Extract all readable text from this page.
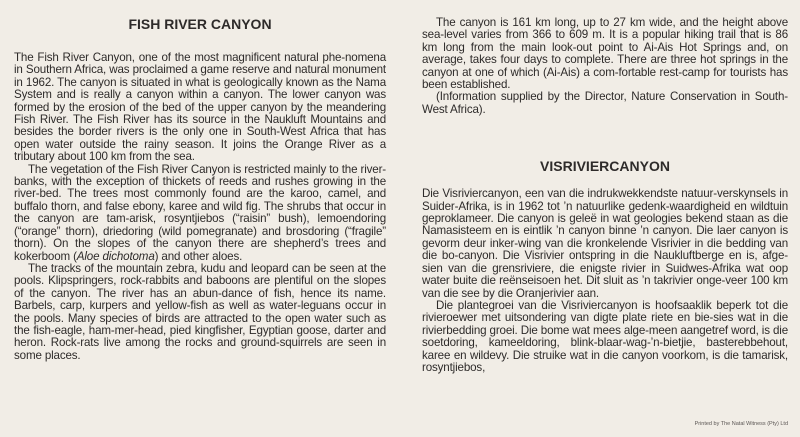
FISH RIVER CANYON

The Fish River Canyon, one of the most magnificent natural phe-nomena in Southern Africa, was proclaimed a game reserve and natural monument in 1962. The canyon is situated in what is geologically known as the Nama System and is really a canyon within a canyon. The lower canyon was formed by the erosion of the bed of the upper canyon by the meandering Fish River. The Fish River has its source in the Naukluft Mountains and besides the border rivers is the only one in South-West Africa that has open water outside the rainy season. It joins the Orange River as a tributary about 100 km from the sea.

The vegetation of the Fish River Canyon is restricted mainly to the river-banks, with the exception of thickets of reeds and rushes growing in the river-bed. The trees most commonly found are the karoo, camel, and buffalo thorn, and false ebony, karee and wild fig. The shrubs that occur in the canyon are tam-arisk, rosyntjiebos (“raisin” bush), lemoendoring (“orange” thorn), driedoring (wild pomegranate) and brosdoring (“fragile” thorn). On the slopes of the canyon there are shepherd’s trees and kokerboom (Aloe dichotoma) and other aloes.

The tracks of the mountain zebra, kudu and leopard can be seen at the pools. Klipspringers, rock-rabbits and baboons are plentiful on the slopes of the canyon. The river has an abun-dance of fish, hence its name. Barbels, carp, kurpers and yellow-fish as well as water-leguans occur in the pools. Many species of birds are attracted to the open water such as the fish-eagle, ham-mer-head, pied kingfisher, Egyptian goose, darter and heron. Rock-rats live among the rocks and ground-squirrels are seen in some places.

The canyon is 161 km long, up to 27 km wide, and the height above sea-level varies from 366 to 609 m. It is a popular hiking trail that is 86 km long from the main look-out point to Ai-Ais Hot Springs and, on average, takes four days to complete. There are three hot springs in the canyon at one of which (Ai-Ais) a com-fortable rest-camp for tourists has been established.

(Information supplied by the Director, Nature Conservation in South-West Africa).

VISRIVIERCANYON

Die Visriviercanyon, een van die indrukwekkendste natuur-verskynsels in Suider-Afrika, is in 1962 tot ’n natuurlike gedenk-waardigheid en wildtuin geproklameer. Die canyon is geleë in wat geologies bekend staan as die Namasisteem en is eintlik ’n canyon binne ’n canyon. Die laer canyon is gevorm deur inker-wing van die kronkelende Visrivier in die bedding van die bo-canyon. Die Visrivier ontspring in die Naukluftberge en is, afge-sien van die grensriviere, die enigste rivier in Suidwes-Afrika wat oop water buite die reënseisoen het. Dit sluit as ’n takrivier onge-veer 100 km van die see by die Oranjerivier aan.

Die plantegroei van die Visriviercanyon is hoofsaaklik beperk tot die rivieroewer met uitsondering van digte plate riete en bie-sies wat in die rivierbedding groei. Die bome wat mees alge-meen aangetref word, is die soetdoring, kameeldoring, blink-blaar-wag-’n-bietjie, basterebbehout, karee en wildevy. Die struike wat in die canyon voorkom, is die tamarisk, rosyntjiebos,

Printed by The Natal Witness (Pty) Ltd
